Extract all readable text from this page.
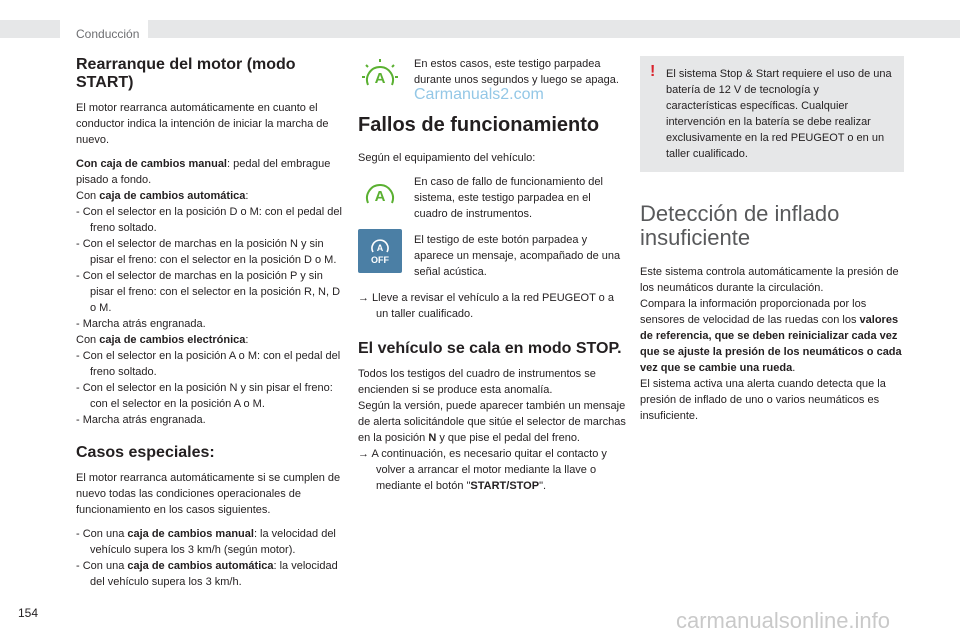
Conducción
Rearranque del motor (modo START)

El motor rearranca automáticamente en cuanto el conductor indica la intención de iniciar la marcha de nuevo.

Con caja de cambios manual: pedal del embrague pisado a fondo.
Con caja de cambios automática:
- Con el selector en la posición D o M: con el pedal del freno soltado.
- Con el selector de marchas en la posición N y sin pisar el freno: con el selector en la posición D o M.
- Con el selector de marchas en la posición P y sin pisar el freno: con el selector en la posición R, N, D o M.
- Marcha atrás engranada.
Con caja de cambios electrónica:
- Con el selector en la posición A o M: con el pedal del freno soltado.
- Con el selector en la posición N y sin pisar el freno: con el selector en la posición A o M.
- Marcha atrás engranada.
Casos especiales:

El motor rearranca automáticamente si se cumplen de nuevo todas las condiciones operacionales de funcionamiento en los casos siguientes.

- Con una caja de cambios manual: la velocidad del vehículo supera los 3 km/h (según motor).
- Con una caja de cambios automática: la velocidad del vehículo supera los 3 km/h.
A
En estos casos, este testigo parpadea durante unos segundos y luego se apaga.
Fallos de funcionamiento

Según el equipamiento del vehículo:

A
En caso de fallo de funcionamiento del sistema, este testigo parpadea en el cuadro de instrumentos.
A
OFF
El testigo de este botón parpadea y aparece un mensaje, acompañado de una señal acústica.
→ Lleve a revisar el vehículo a la red PEUGEOT o a un taller cualificado.
El vehículo se cala en modo STOP.

Todos los testigos del cuadro de instrumentos se encienden si se produce esta anomalía.

Según la versión, puede aparecer también un mensaje de alerta solicitándole que sitúe el selector de marchas en la posición N y que pise el pedal del freno.

→ A continuación, es necesario quitar el contacto y volver a arrancar el motor mediante la llave o mediante el botón "START/STOP".
Carmanuals2.com
! El sistema Stop & Start requiere el uso de una batería de 12 V de tecnología y características específicas. Cualquier intervención en la batería se debe realizar exclusivamente en la red PEUGEOT o en un taller cualificado.
Detección de inflado insuficiente

Este sistema controla automáticamente la presión de los neumáticos durante la circulación.

Compara la información proporcionada por los sensores de velocidad de las ruedas con los valores de referencia, que se deben reinicializar cada vez que se ajuste la presión de los neumáticos o cada vez que se cambie una rueda.

El sistema activa una alerta cuando detecta que la presión de inflado de uno o varios neumáticos es insuficiente.

154	carmanualsonline.info
